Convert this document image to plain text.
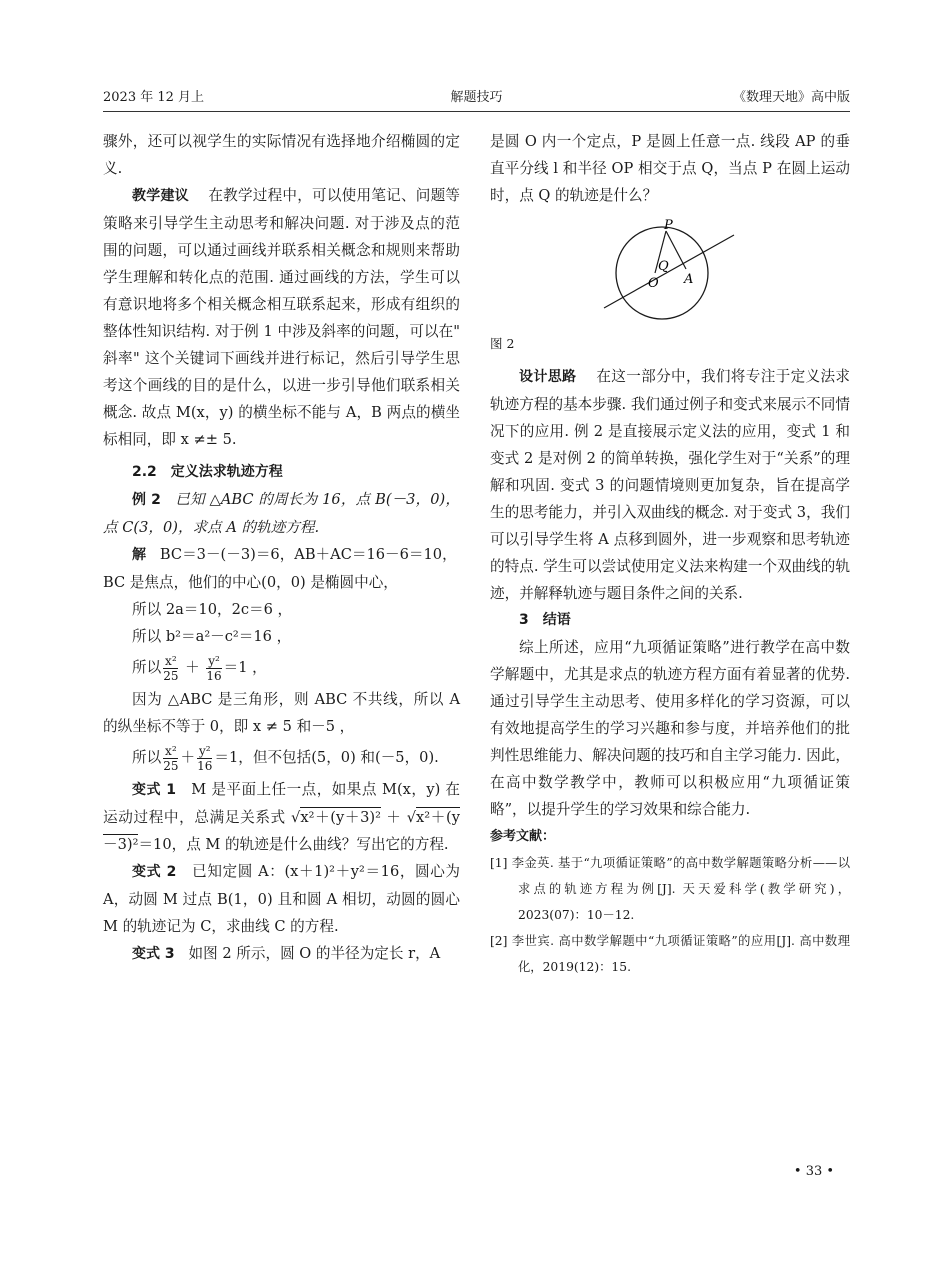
2023 年 12 月上	解题技巧	《数理天地》高中版

骤外，还可以视学生的实际情况有选择地介绍椭圆的定义.

教学建议 在教学过程中，可以使用笔记、问题等策略来引导学生主动思考和解决问题. 对于涉及点的范围的问题，可以通过画线并联系相关概念和规则来帮助学生理解和转化点的范围. 通过画线的方法，学生可以有意识地将多个相关概念相互联系起来，形成有组织的整体性知识结构. 对于例 1 中涉及斜率的问题，可以在" 斜率" 这个关键词下画线并进行标记，然后引导学生思考这个画线的目的是什么，以进一步引导他们联系相关概念. 故点 M(x，y) 的横坐标不能与 A，B 两点的横坐标相同，即 x ≠± 5.

2.2　定义法求轨迹方程

例 2 已知 △ABC 的周长为 16，点 B(－3，0)，点 C(3，0)，求点 A 的轨迹方程.

解 BC＝3－(－3)＝6，AB＋AC＝16－6＝10，

BC 是焦点，他们的中心(0，0) 是椭圆中心，

所以 2a＝10，2c＝6 ，

所以 b²＝a²－c²＝16 ，

所以 $\frac{\text{x²}}{25} + \frac{\text{y²}}{16} =1$ ，

因为 △ABC 是三角形，则 ABC 不共线，所以 A 的纵坐标不等于 0，即 x ≠ 5 和－5 ，

所以 $\frac{\text{x²}}{25} + \frac{\text{y²}}{16} =1$，但不包括(5，0) 和(－5，0).

变式 1 M 是平面上任一点，如果点 M(x，y) 在运动过程中，总满足关系式 √x²＋(y＋3)² ＋ √x²＋(y－3)²＝10，点 M 的轨迹是什么曲线？写出它的方程.

变式 2 已知定圆 A：(x＋1)²＋y²＝16，圆心为 A，动圆 M 过点 B(1，0) 且和圆 A 相切，动圆的圆心 M 的轨迹记为 C，求曲线 C 的方程.

变式 3 如图 2 所示，圆 O 的半径为定长 r，A

是圆 O 内一个定点，P 是圆上任意一点. 线段 AP 的垂直平分线 l 和半径 OP 相交于点 Q，当点 P 在圆上运动时，点 Q 的轨迹是什么？

P
Q
O A

图 2

设计思路 在这一部分中，我们将专注于定义法求轨迹方程的基本步骤. 我们通过例子和变式来展示不同情况下的应用. 例 2 是直接展示定义法的应用，变式 1 和变式 2 是对例 2 的简单转换，强化学生对于“关系”的理解和巩固. 变式 3 的问题情境则更加复杂，旨在提高学生的思考能力，并引入双曲线的概念. 对于变式 3，我们可以引导学生将 A 点移到圆外，进一步观察和思考轨迹的特点. 学生可以尝试使用定义法来构建一个双曲线的轨迹，并解释轨迹与题目条件之间的关系.

3　结语

综上所述，应用“九项循证策略”进行教学在高中数学解题中，尤其是求点的轨迹方程方面有着显著的优势. 通过引导学生主动思考、使用多样化的学习资源，可以有效地提高学生的学习兴趣和参与度，并培养他们的批判性思维能力、解决问题的技巧和自主学习能力. 因此，在高中数学教学中，教师可以积极应用“九项循证策略”，以提升学生的学习效果和综合能力.

参考文献：

[1] 李金英. 基于“九项循证策略”的高中数学解题策略分析——以求点的轨迹方程为例[J]. 天天爱科学(教学研究)，2023(07)：10－12.

[2] 李世宾. 高中数学解题中“九项循证策略”的应用[J]. 高中数理化，2019(12)：15.

• 33 •
